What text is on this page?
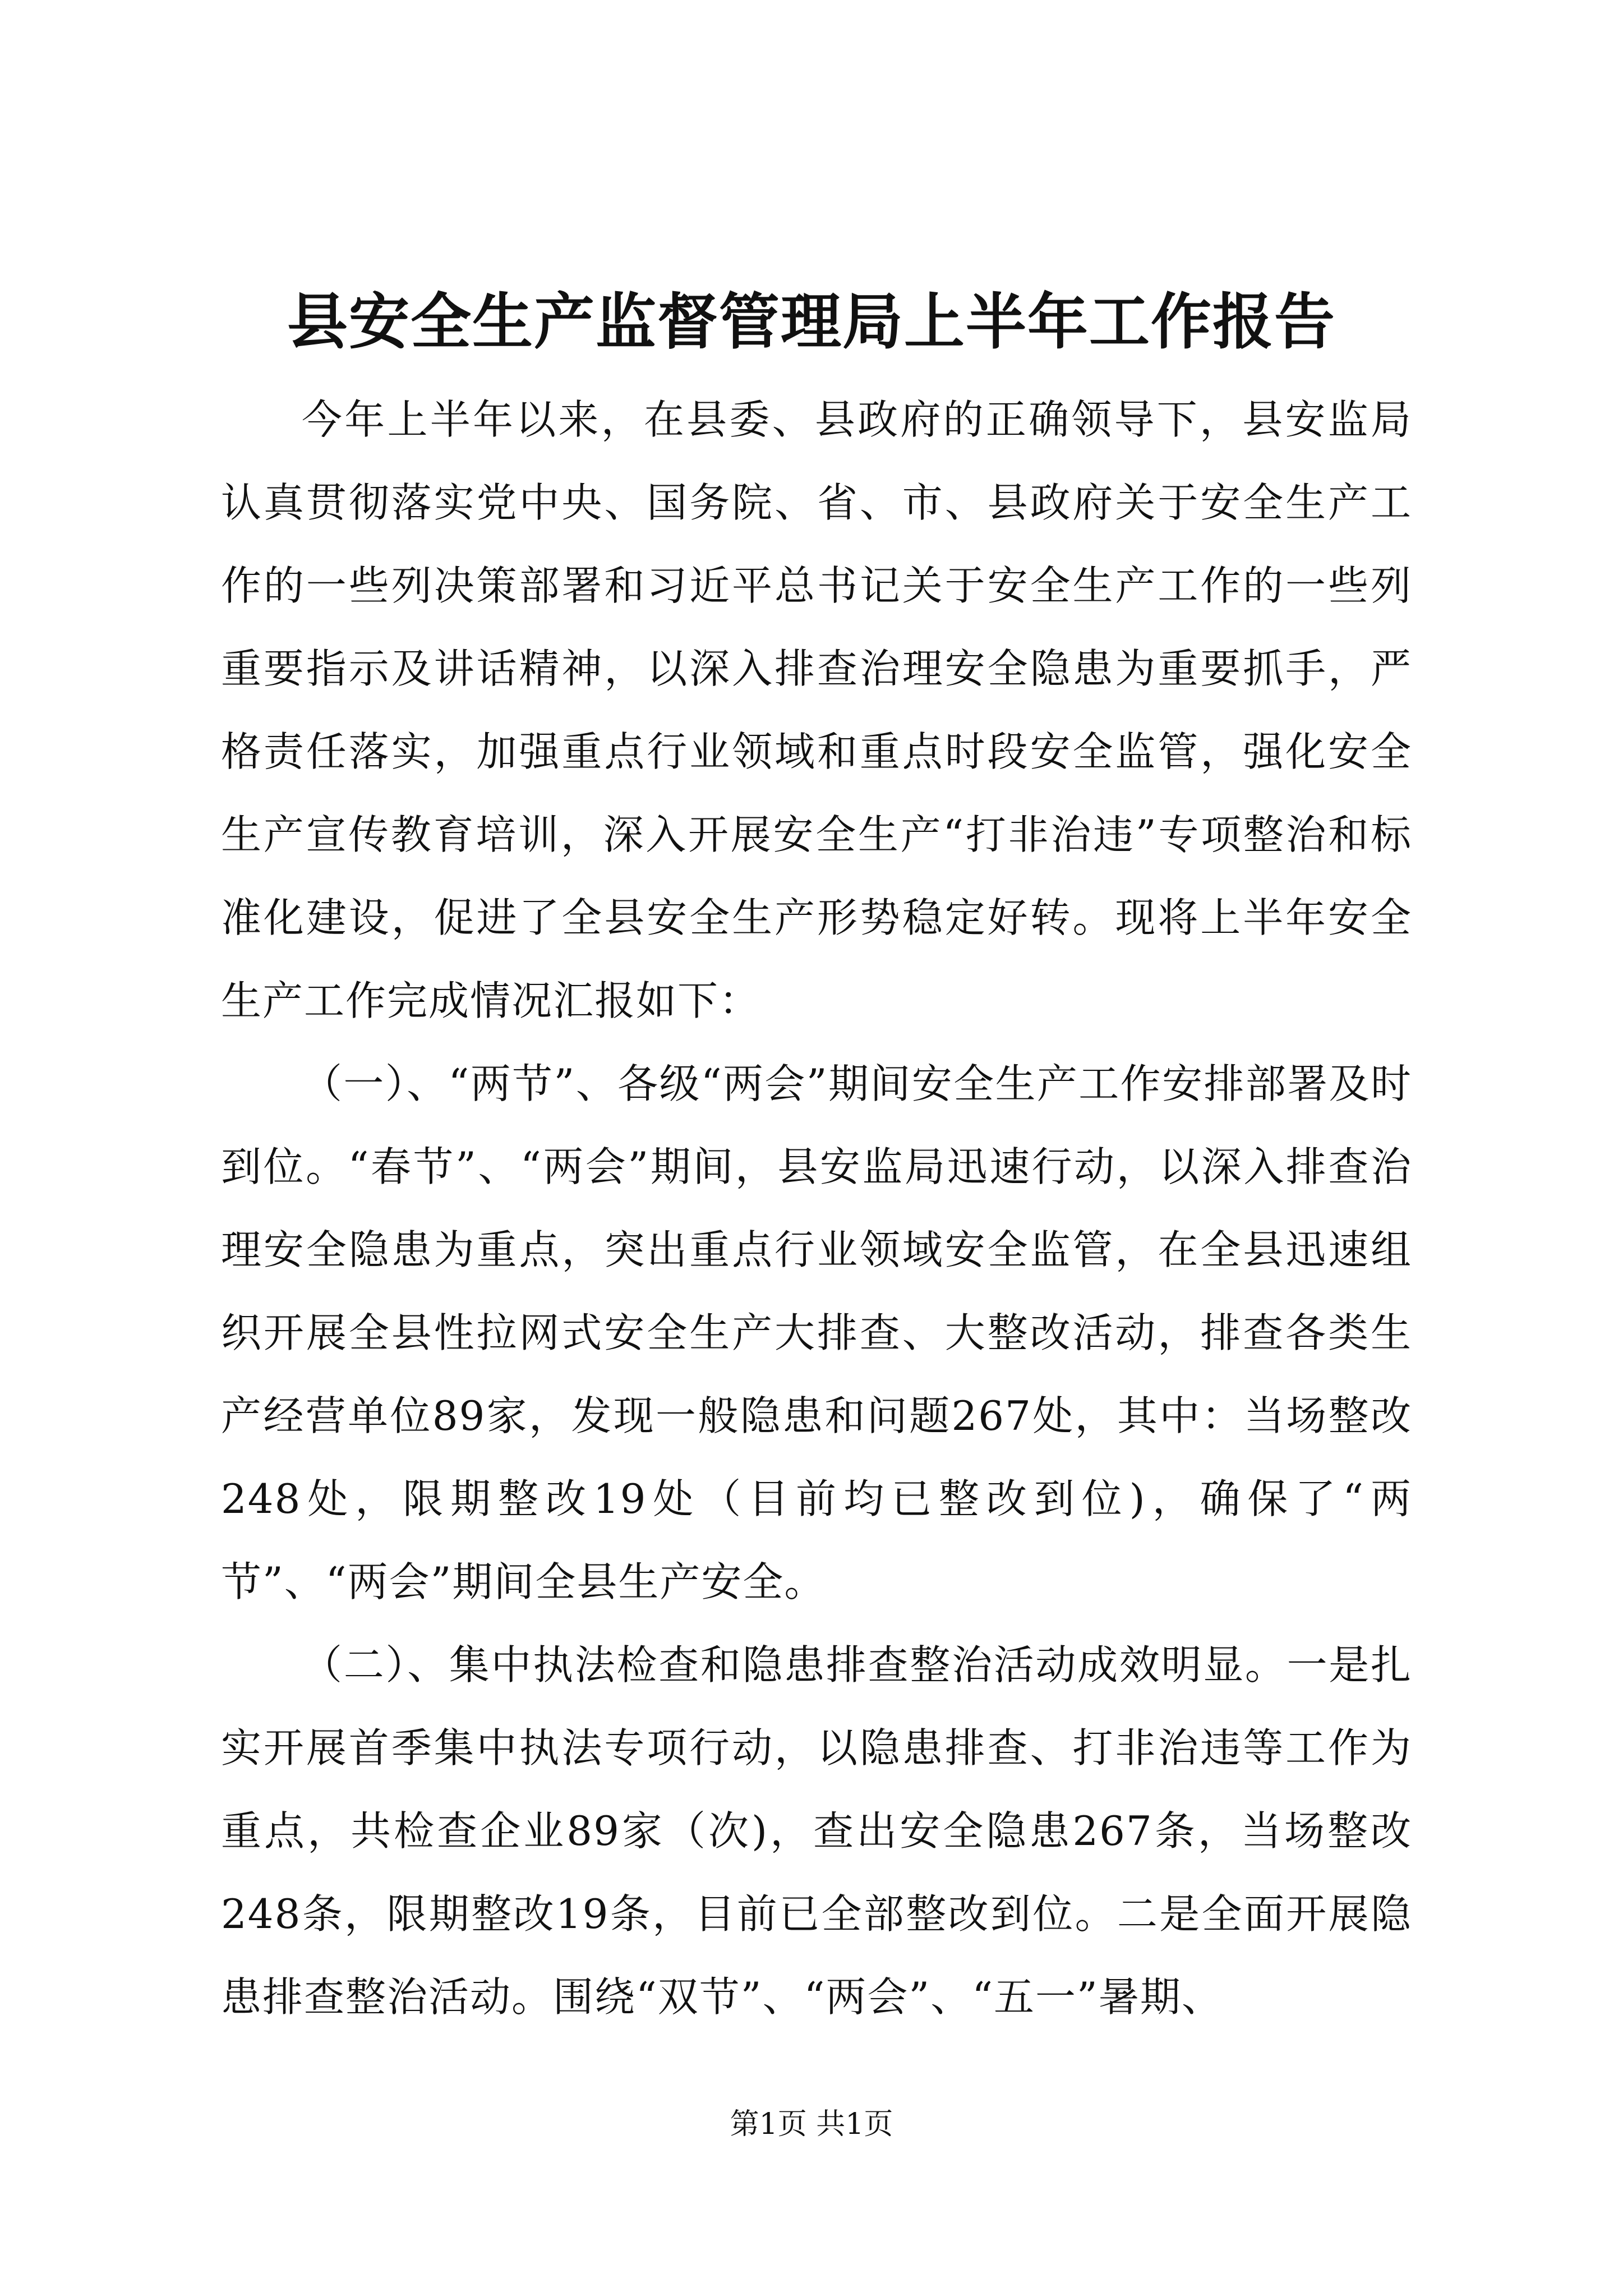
县安全生产监督管理局上半年工作报告

今年上半年以来，在县委、县政府的正确领导下，县安监局认真贯彻落实党中央、国务院、省、市、县政府关于安全生产工作的一些列决策部署和习近平总书记关于安全生产工作的一些列重要指示及讲话精神，以深入排查治理安全隐患为重要抓手，严格责任落实，加强重点行业领域和重点时段安全监管，强化安全生产宣传教育培训，深入开展安全生产“打非治违”专项整治和标准化建设，促进了全县安全生产形势稳定好转。现将上半年安全生产工作完成情况汇报如下：

（一）、“两节”、各级“两会”期间安全生产工作安排部署及时到位。“春节”、“两会”期间，县安监局迅速行动，以深入排查治理安全隐患为重点，突出重点行业领域安全监管，在全县迅速组织开展全县性拉网式安全生产大排查、大整改活动，排查各类生产经营单位89家，发现一般隐患和问题267处，其中：当场整改248处，限期整改19处（目前均已整改到位)，确保了“两节”、“两会”期间全县生产安全。

（二）、集中执法检查和隐患排查整治活动成效明显。一是扎实开展首季集中执法专项行动，以隐患排查、打非治违等工作为重点，共检查企业89家（次)，查出安全隐患267条，当场整改248条，限期整改19条，目前已全部整改到位。二是全面开展隐患排查整治活动。围绕“双节”、“两会”、“五一”暑期、

第1页 共1页
